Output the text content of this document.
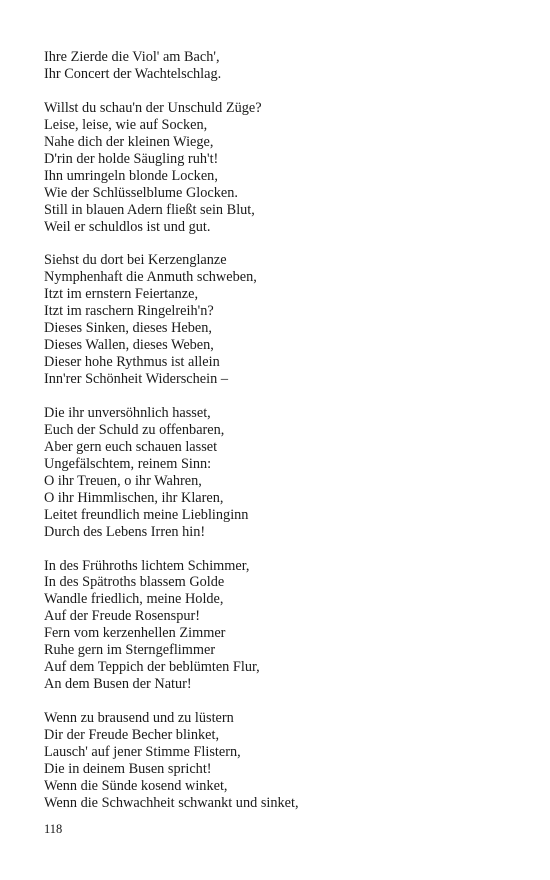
Ihre Zierde die Viol' am Bach',
Ihr Concert der Wachtelschlag.
Willst du schau'n der Unschuld Züge?
Leise, leise, wie auf Socken,
Nahe dich der kleinen Wiege,
D'rin der holde Säugling ruh't!
Ihn umringeln blonde Locken,
Wie der Schlüsselblume Glocken.
Still in blauen Adern fließt sein Blut,
Weil er schuldlos ist und gut.
Siehst du dort bei Kerzenglanze
Nymphenhaft die Anmuth schweben,
Itzt im ernstern Feiertanze,
Itzt im raschern Ringelreih'n?
Dieses Sinken, dieses Heben,
Dieses Wallen, dieses Weben,
Dieser hohe Rythmus ist allein
Inn'rer Schönheit Widerschein –
Die ihr unversöhnlich hasset,
Euch der Schuld zu offenbaren,
Aber gern euch schauen lasset
Ungefälschtem, reinem Sinn:
O ihr Treuen, o ihr Wahren,
O ihr Himmlischen, ihr Klaren,
Leitet freundlich meine Lieblinginn
Durch des Lebens Irren hin!
In des Frühroths lichtem Schimmer,
In des Spätroths blassem Golde
Wandle friedlich, meine Holde,
Auf der Freude Rosenspur!
Fern vom kerzenhellen Zimmer
Ruhe gern im Sterngeflimmer
Auf dem Teppich der beblümten Flur,
An dem Busen der Natur!
Wenn zu brausend und zu lüstern
Dir der Freude Becher blinket,
Lausch' auf jener Stimme Flistern,
Die in deinem Busen spricht!
Wenn die Sünde kosend winket,
Wenn die Schwachheit schwankt und sinket,
118
